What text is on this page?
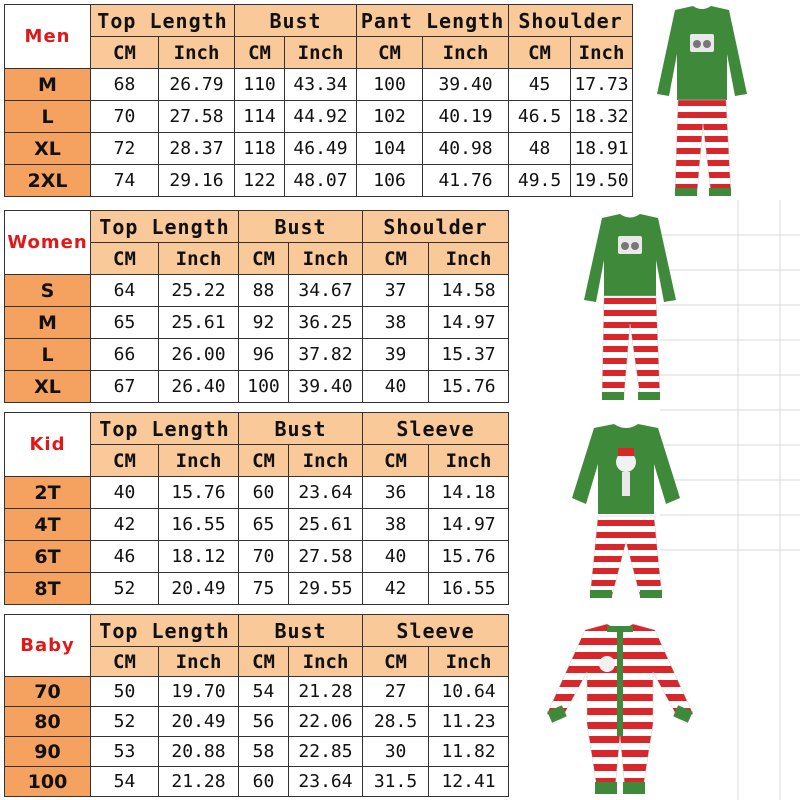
Men	Top Length		Bust		Pant Length		Shoulder	
	CM	Inch	CM	Inch	CM	Inch	CM	Inch
M	68	26.79	110	43.34	100	39.40	45	17.73
L	70	27.58	114	44.92	102	40.19	46.5	18.32
XL	72	28.37	118	46.49	104	40.98	48	18.91
2XL	74	29.16	122	48.07	106	41.76	49.5	19.50
Women	Top Length		Bust		Shoulder	
	CM	Inch	CM	Inch	CM	Inch
S	64	25.22	88	34.67	37	14.58
M	65	25.61	92	36.25	38	14.97
L	66	26.00	96	37.82	39	15.37
XL	67	26.40	100	39.40	40	15.76
Kid	Top Length		Bust		Sleeve	
	CM	Inch	CM	Inch	CM	Inch
2T	40	15.76	60	23.64	36	14.18
4T	42	16.55	65	25.61	38	14.97
6T	46	18.12	70	27.58	40	15.76
8T	52	20.49	75	29.55	42	16.55
Baby	Top Length		Bust		Sleeve	
	CM	Inch	CM	Inch	CM	Inch
70	50	19.70	54	21.28	27	10.64
80	52	20.49	56	22.06	28.5	11.23
90	53	20.88	58	22.85	30	11.82
100	54	21.28	60	23.64	31.5	12.41
